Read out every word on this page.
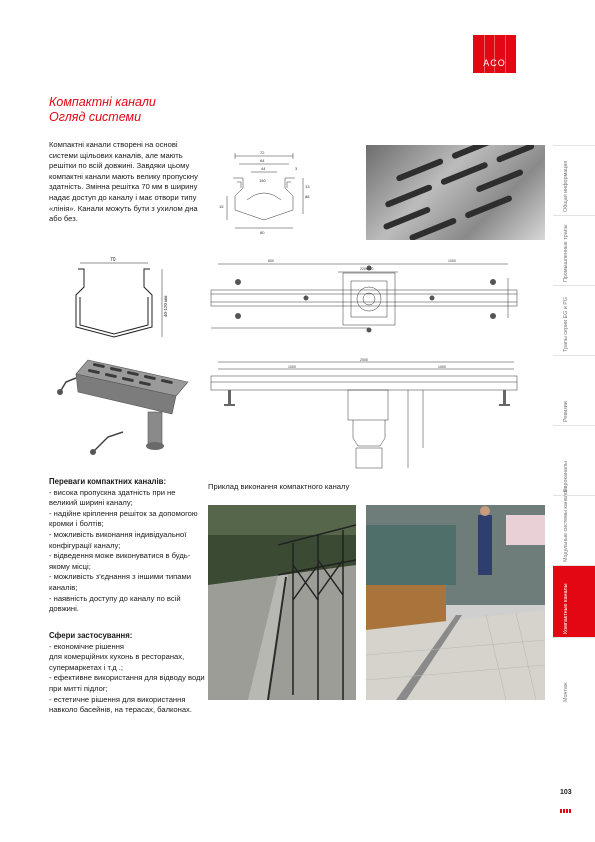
ACO
Компактні канали
Огляд системи
Компактні канали створені на основі системи щільових каналів, але мають решітки по всій довжині. Завдяки цьому компактні канали мають велику пропускну здатність. Змінна решітка 70 мм в ширину надає доступ до каналу і має отвори типу «лінія». Канали можуть бути з ухилом дна або без.
72
64
44	3
150
88
15
13
80
70
40-120 мм
800
220x220
1000
2000
1000	1000
Приклад виконання компактного каналу
Переваги компактних каналів:
- висока пропускна здатність при не великий ширині каналу;
- надійне кріплення решіток за допомогою кромки і болтів;
- можливість виконання індивідуальної конфігурації каналу;
- відведення може виконуватися в будь-якому місці;
- можливість з'єднання з іншими типами каналів;
- наявність доступу до каналу по всій довжині.
Сфери застосування:
- економічне рішення
для комерційних кухонь в ресторанах, супермаркетах і т.д .;
- ефективне використання для відводу води при митті підлог;
- естетичне рішення для використання навколо басейнів, на терасах, балконах.
Общая информация
Промышленные трапы
Трапы серии EG и PG
Ревизии
Евроканалы
Модульные системы каналов
Компактные каналы
Монтаж
103
